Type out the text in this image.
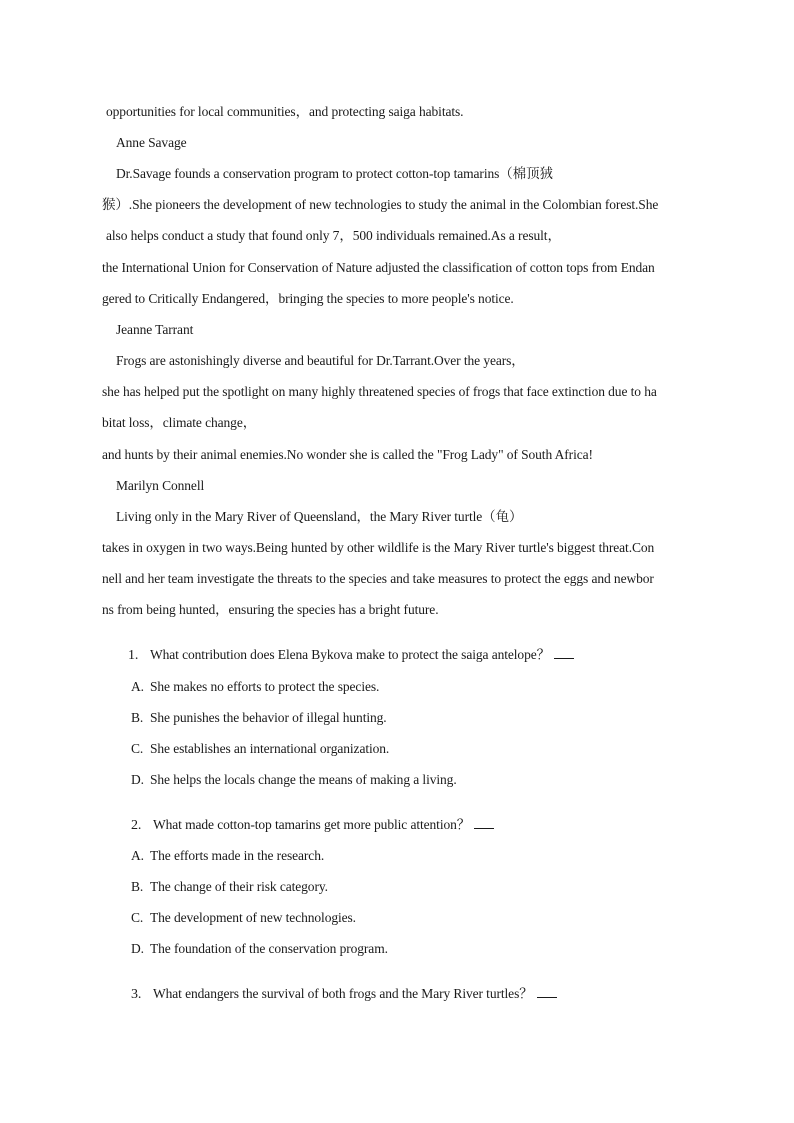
opportunities for local communities，and protecting saiga habitats.
Anne Savage
Dr.Savage founds a conservation program to protect cotton-top tamarins（棉顶狨
猴）.She pioneers the development of new technologies to study the animal in the Colombian forest.She
also helps conduct a study that found only 7，500 individuals remained.As a result，
the International Union for Conservation of Nature adjusted the classification of cotton tops from Endan
gered to Critically Endangered，bringing the species to more people's notice.
Jeanne Tarrant
Frogs are astonishingly diverse and beautiful for Dr.Tarrant.Over the years，
she has helped put the spotlight on many highly threatened species of frogs that face extinction due to ha
bitat loss，climate change，
and hunts by their animal enemies.No wonder she is called the "Frog Lady" of South Africa!
Marilyn Connell
Living only in the Mary River of Queensland，the Mary River turtle（龟）
takes in oxygen in two ways.Being hunted by other wildlife is the Mary River turtle's biggest threat.Con
nell and her team investigate the threats to the species and take measures to protect the eggs and newbor
ns from being hunted，ensuring the species has a bright future.
1. What contribution does Elena Bykova make to protect the saiga antelope？
A. She makes no efforts to protect the species.
B. She punishes the behavior of illegal hunting.
C. She establishes an international organization.
D. She helps the locals change the means of making a living.
2. What made cotton-top tamarins get more public attention？
A. The efforts made in the research.
B. The change of their risk category.
C. The development of new technologies.
D. The foundation of the conservation program.
3. What endangers the survival of both frogs and the Mary River turtles？
